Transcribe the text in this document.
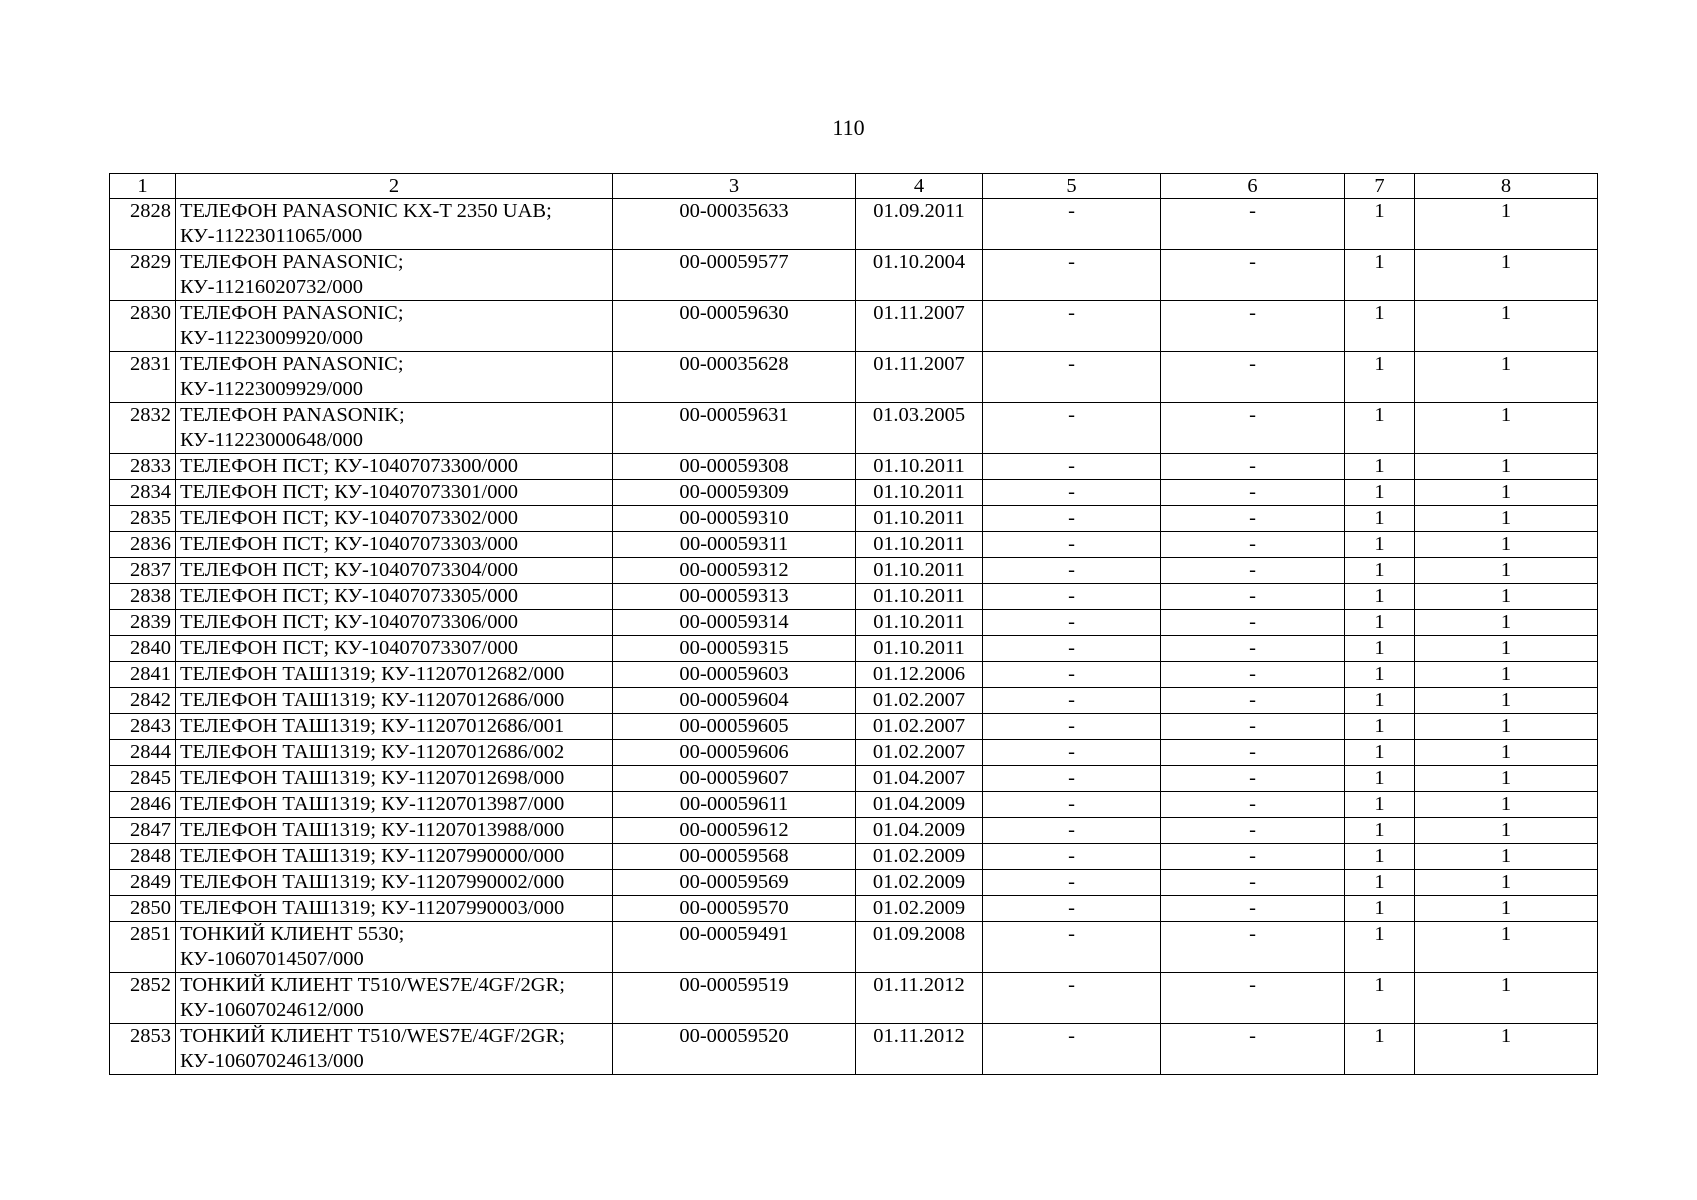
110
1	2	3	4	5	6	7	8
2828	ТЕЛЕФОН PANASONIC KX-T 2350 UAB;
КУ-11223011065/000	00-00035633	01.09.2011	-	-	1	1
2829	ТЕЛЕФОН PANASONIC;
КУ-11216020732/000	00-00059577	01.10.2004	-	-	1	1
2830	ТЕЛЕФОН PANASONIC;
КУ-11223009920/000	00-00059630	01.11.2007	-	-	1	1
2831	ТЕЛЕФОН PANASONIC;
КУ-11223009929/000	00-00035628	01.11.2007	-	-	1	1
2832	ТЕЛЕФОН PANASONIK;
КУ-11223000648/000	00-00059631	01.03.2005	-	-	1	1
2833	ТЕЛЕФОН ПСТ; КУ-10407073300/000	00-00059308	01.10.2011	-	-	1	1
2834	ТЕЛЕФОН ПСТ; КУ-10407073301/000	00-00059309	01.10.2011	-	-	1	1
2835	ТЕЛЕФОН ПСТ; КУ-10407073302/000	00-00059310	01.10.2011	-	-	1	1
2836	ТЕЛЕФОН ПСТ; КУ-10407073303/000	00-00059311	01.10.2011	-	-	1	1
2837	ТЕЛЕФОН ПСТ; КУ-10407073304/000	00-00059312	01.10.2011	-	-	1	1
2838	ТЕЛЕФОН ПСТ; КУ-10407073305/000	00-00059313	01.10.2011	-	-	1	1
2839	ТЕЛЕФОН ПСТ; КУ-10407073306/000	00-00059314	01.10.2011	-	-	1	1
2840	ТЕЛЕФОН ПСТ; КУ-10407073307/000	00-00059315	01.10.2011	-	-	1	1
2841	ТЕЛЕФОН ТАШ1319; КУ-11207012682/000	00-00059603	01.12.2006	-	-	1	1
2842	ТЕЛЕФОН ТАШ1319; КУ-11207012686/000	00-00059604	01.02.2007	-	-	1	1
2843	ТЕЛЕФОН ТАШ1319; КУ-11207012686/001	00-00059605	01.02.2007	-	-	1	1
2844	ТЕЛЕФОН ТАШ1319; КУ-11207012686/002	00-00059606	01.02.2007	-	-	1	1
2845	ТЕЛЕФОН ТАШ1319; КУ-11207012698/000	00-00059607	01.04.2007	-	-	1	1
2846	ТЕЛЕФОН ТАШ1319; КУ-11207013987/000	00-00059611	01.04.2009	-	-	1	1
2847	ТЕЛЕФОН ТАШ1319; КУ-11207013988/000	00-00059612	01.04.2009	-	-	1	1
2848	ТЕЛЕФОН ТАШ1319; КУ-11207990000/000	00-00059568	01.02.2009	-	-	1	1
2849	ТЕЛЕФОН ТАШ1319; КУ-11207990002/000	00-00059569	01.02.2009	-	-	1	1
2850	ТЕЛЕФОН ТАШ1319; КУ-11207990003/000	00-00059570	01.02.2009	-	-	1	1
2851	ТОНКИЙ КЛИЕНТ 5530;
КУ-10607014507/000	00-00059491	01.09.2008	-	-	1	1
2852	ТОНКИЙ КЛИЕНТ T510/WES7E/4GF/2GR;
КУ-10607024612/000	00-00059519	01.11.2012	-	-	1	1
2853	ТОНКИЙ КЛИЕНТ T510/WES7E/4GF/2GR;
КУ-10607024613/000	00-00059520	01.11.2012	-	-	1	1
